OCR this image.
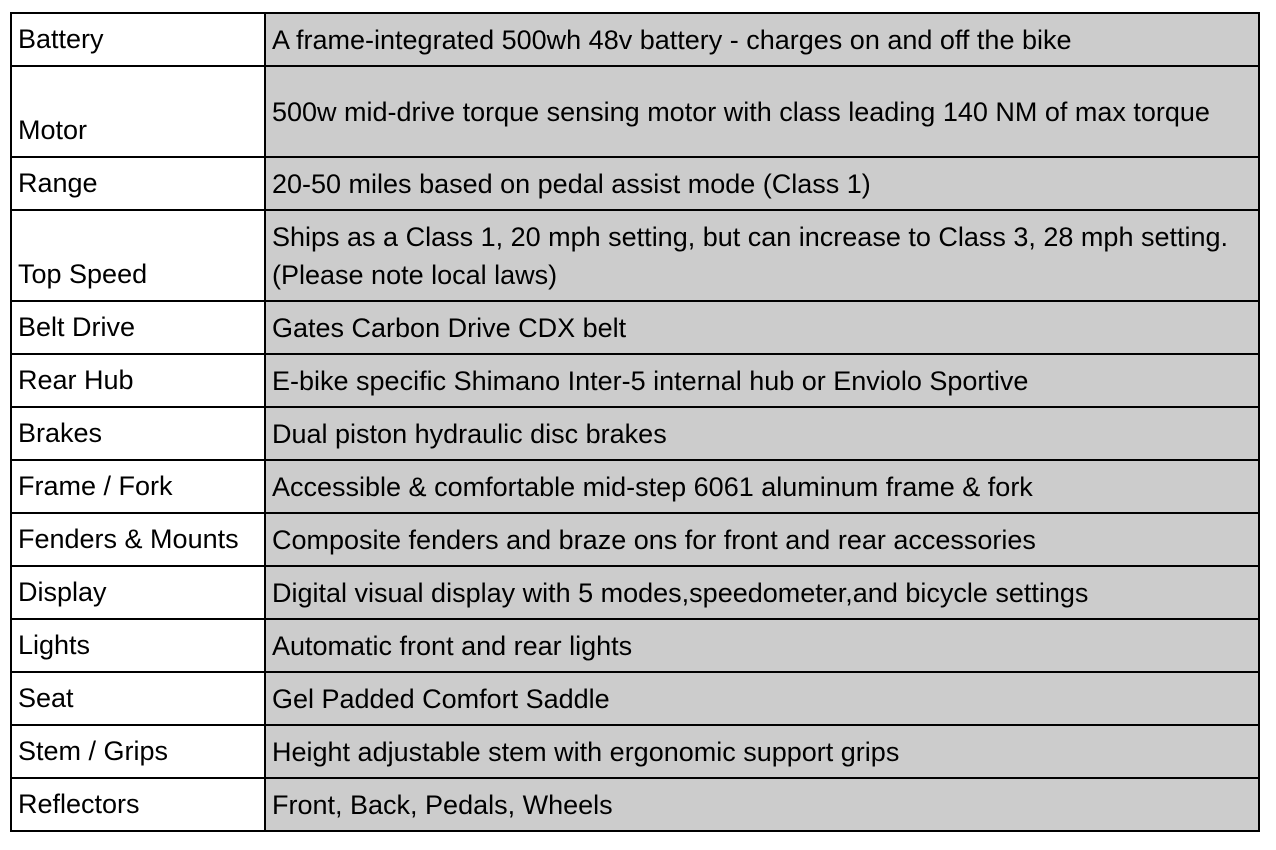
Battery	A frame-integrated 500wh 48v battery - charges on and off the bike
Motor	500w mid-drive torque sensing motor with class leading 140 NM of max torque
Range	20-50 miles based on pedal assist mode (Class 1)
Top Speed	Ships as a Class 1, 20 mph setting, but can increase to Class 3, 28 mph setting. (Please note local laws)
Belt Drive	Gates Carbon Drive CDX belt
Rear Hub	E-bike specific Shimano Inter-5 internal hub or Enviolo Sportive
Brakes	Dual piston hydraulic disc brakes
Frame / Fork	Accessible & comfortable mid-step 6061 aluminum frame & fork
Fenders & Mounts	Composite fenders and braze ons for front and rear accessories
Display	Digital visual display with 5 modes,speedometer,and bicycle settings
Lights	Automatic front and rear lights
Seat	Gel Padded Comfort Saddle
Stem / Grips	Height adjustable stem with ergonomic support grips
Reflectors	Front, Back, Pedals, Wheels
